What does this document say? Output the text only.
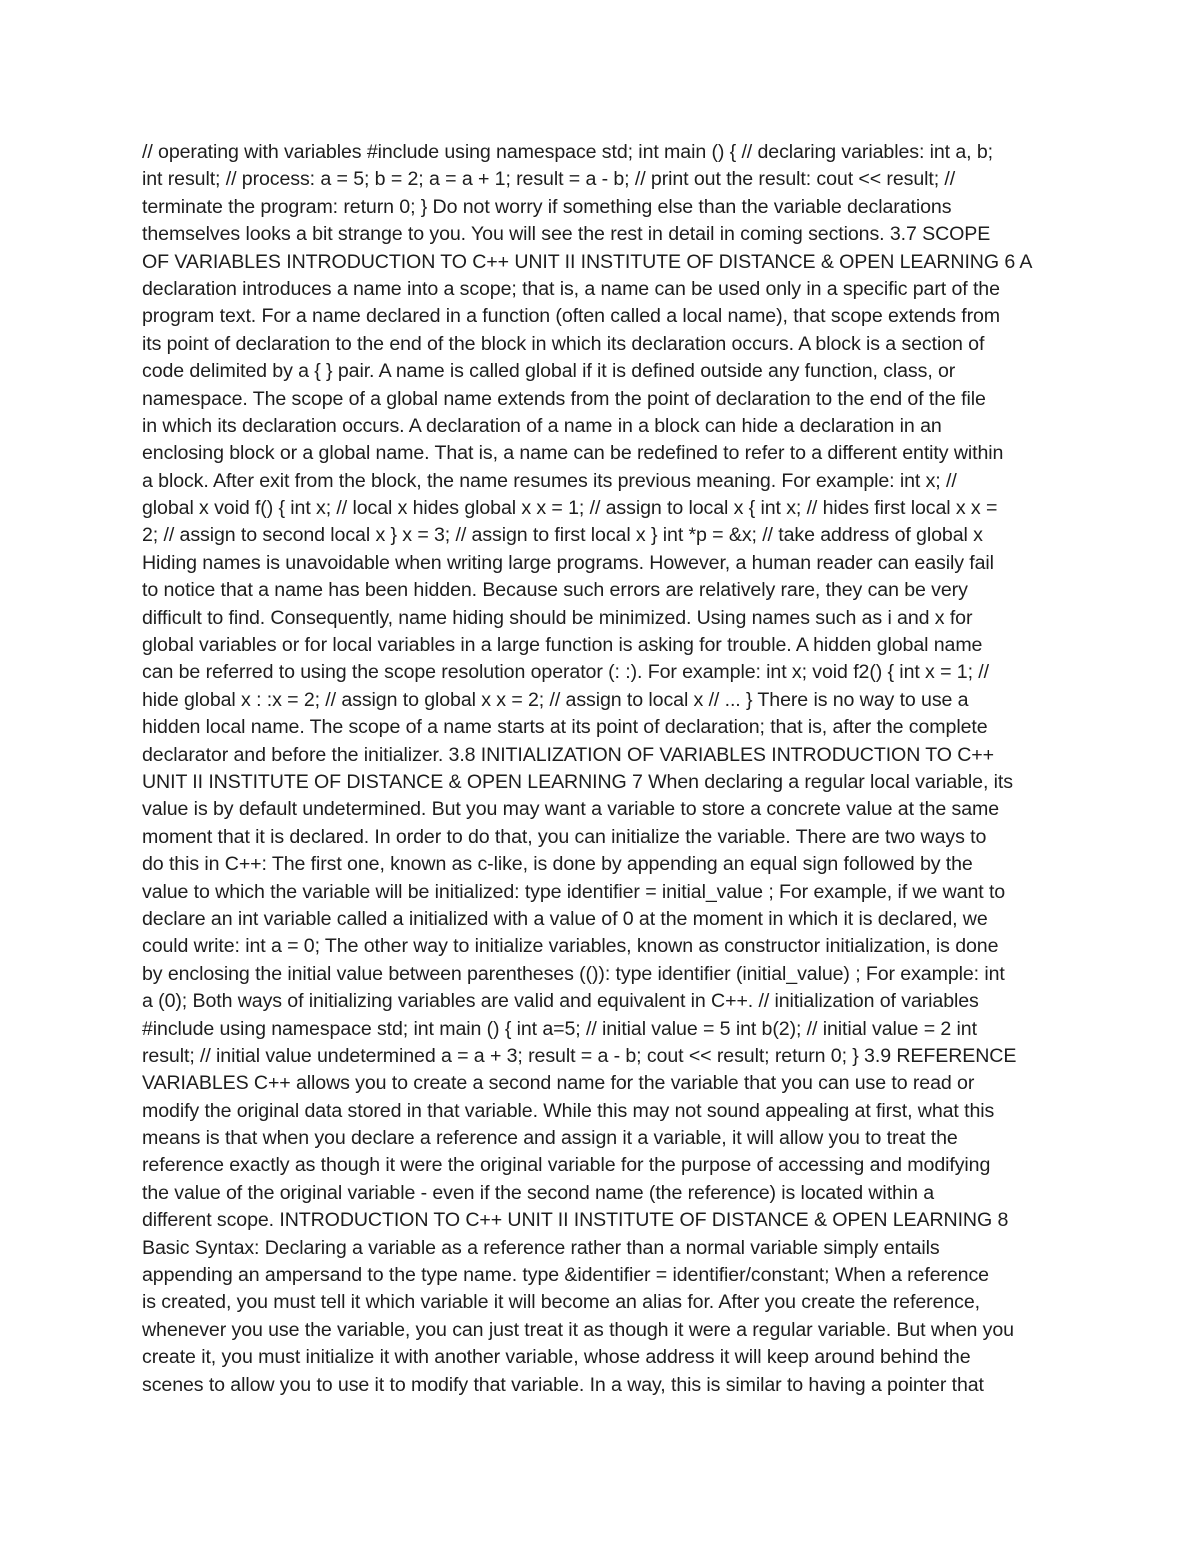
// operating with variables #include using namespace std; int main () { // declaring variables: int a, b;
int result; // process: a = 5; b = 2; a = a + 1; result = a - b; // print out the result: cout << result; //
terminate the program: return 0; } Do not worry if something else than the variable declarations
themselves looks a bit strange to you. You will see the rest in detail in coming sections. 3.7 SCOPE
OF VARIABLES INTRODUCTION TO C++ UNIT II INSTITUTE OF DISTANCE & OPEN LEARNING 6 A
declaration introduces a name into a scope; that is, a name can be used only in a specific part of the
program text. For a name declared in a function (often called a local name), that scope extends from
its point of declaration to the end of the block in which its declaration occurs. A block is a section of
code delimited by a { } pair. A name is called global if it is defined outside any function, class, or
namespace. The scope of a global name extends from the point of declaration to the end of the file
in which its declaration occurs. A declaration of a name in a block can hide a declaration in an
enclosing block or a global name. That is, a name can be redefined to refer to a different entity within
a block. After exit from the block, the name resumes its previous meaning. For example: int x; //
global x void f() { int x; // local x hides global x x = 1; // assign to local x { int x; // hides first local x x =
2; // assign to second local x } x = 3; // assign to first local x } int *p = &x; // take address of global x
Hiding names is unavoidable when writing large programs. However, a human reader can easily fail
to notice that a name has been hidden. Because such errors are relatively rare, they can be very
difficult to find. Consequently, name hiding should be minimized. Using names such as i and x for
global variables or for local variables in a large function is asking for trouble. A hidden global name
can be referred to using the scope resolution operator (: :). For example: int x; void f2() { int x = 1; //
hide global x : :x = 2; // assign to global x x = 2; // assign to local x // ... } There is no way to use a
hidden local name. The scope of a name starts at its point of declaration; that is, after the complete
declarator and before the initializer. 3.8 INITIALIZATION OF VARIABLES INTRODUCTION TO C++
UNIT II INSTITUTE OF DISTANCE & OPEN LEARNING 7 When declaring a regular local variable, its
value is by default undetermined. But you may want a variable to store a concrete value at the same
moment that it is declared. In order to do that, you can initialize the variable. There are two ways to
do this in C++: The first one, known as c-like, is done by appending an equal sign followed by the
value to which the variable will be initialized: type identifier = initial_value ; For example, if we want to
declare an int variable called a initialized with a value of 0 at the moment in which it is declared, we
could write: int a = 0; The other way to initialize variables, known as constructor initialization, is done
by enclosing the initial value between parentheses (()): type identifier (initial_value) ; For example: int
a (0); Both ways of initializing variables are valid and equivalent in C++. // initialization of variables
#include using namespace std; int main () { int a=5; // initial value = 5 int b(2); // initial value = 2 int
result; // initial value undetermined a = a + 3; result = a - b; cout << result; return 0; } 3.9 REFERENCE
VARIABLES C++ allows you to create a second name for the variable that you can use to read or
modify the original data stored in that variable. While this may not sound appealing at first, what this
means is that when you declare a reference and assign it a variable, it will allow you to treat the
reference exactly as though it were the original variable for the purpose of accessing and modifying
the value of the original variable - even if the second name (the reference) is located within a
different scope. INTRODUCTION TO C++ UNIT II INSTITUTE OF DISTANCE & OPEN LEARNING 8
Basic Syntax: Declaring a variable as a reference rather than a normal variable simply entails
appending an ampersand to the type name. type &identifier = identifier/constant; When a reference
is created, you must tell it which variable it will become an alias for. After you create the reference,
whenever you use the variable, you can just treat it as though it were a regular variable. But when you
create it, you must initialize it with another variable, whose address it will keep around behind the
scenes to allow you to use it to modify that variable. In a way, this is similar to having a pointer that
